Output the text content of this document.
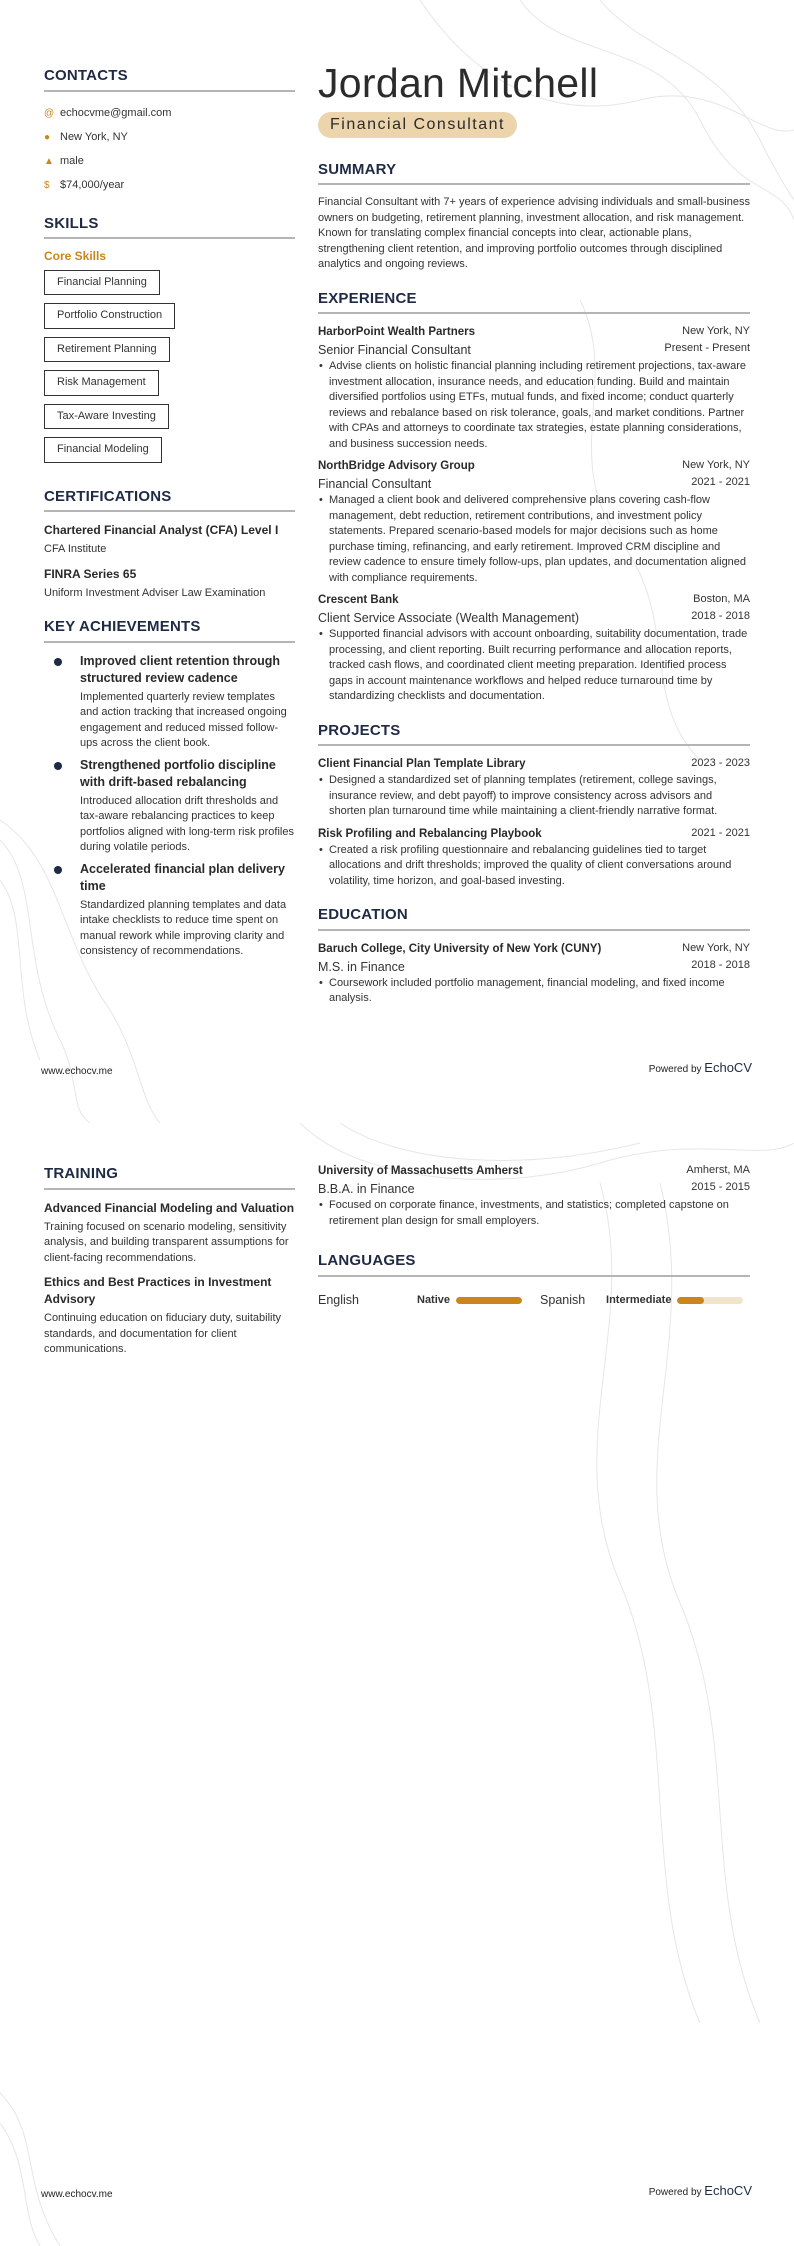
CONTACTS
@ echocvme@gmail.com
● New York, NY
▲ male
$ $74,000/year
SKILLS
Core Skills
Financial Planning
Portfolio Construction
Retirement Planning
Risk Management
Tax-Aware Investing
Financial Modeling
CERTIFICATIONS
Chartered Financial Analyst (CFA) Level I
CFA Institute
FINRA Series 65
Uniform Investment Adviser Law Examination
KEY ACHIEVEMENTS
Improved client retention through structured review cadence
Implemented quarterly review templates and action tracking that increased ongoing engagement and reduced missed follow-ups across the client book.
Strengthened portfolio discipline with drift-based rebalancing
Introduced allocation drift thresholds and tax-aware rebalancing practices to keep portfolios aligned with long-term risk profiles during volatile periods.
Accelerated financial plan delivery time
Standardized planning templates and data intake checklists to reduce time spent on manual rework while improving clarity and consistency of recommendations.
Jordan Mitchell
Financial Consultant
SUMMARY
Financial Consultant with 7+ years of experience advising individuals and small-business owners on budgeting, retirement planning, investment allocation, and risk management. Known for translating complex financial concepts into clear, actionable plans, strengthening client retention, and improving portfolio outcomes through disciplined analytics and ongoing reviews.
EXPERIENCE
HarborPoint Wealth Partners	New York, NY
Senior Financial Consultant	Present - Present
• Advise clients on holistic financial planning including retirement projections, tax-aware investment allocation, insurance needs, and education funding. Build and maintain diversified portfolios using ETFs, mutual funds, and fixed income; conduct quarterly reviews and rebalance based on risk tolerance, goals, and market conditions. Partner with CPAs and attorneys to coordinate tax strategies, estate planning considerations, and business succession needs.
NorthBridge Advisory Group	New York, NY
Financial Consultant	2021 - 2021
• Managed a client book and delivered comprehensive plans covering cash-flow management, debt reduction, retirement contributions, and investment policy statements. Prepared scenario-based models for major decisions such as home purchase timing, refinancing, and early retirement. Improved CRM discipline and review cadence to ensure timely follow-ups, plan updates, and documentation aligned with compliance requirements.
Crescent Bank	Boston, MA
Client Service Associate (Wealth Management)	2018 - 2018
• Supported financial advisors with account onboarding, suitability documentation, trade processing, and client reporting. Built recurring performance and allocation reports, tracked cash flows, and coordinated client meeting preparation. Identified process gaps in account maintenance workflows and helped reduce turnaround time by standardizing checklists and documentation.
PROJECTS
Client Financial Plan Template Library	2023 - 2023
• Designed a standardized set of planning templates (retirement, college savings, insurance review, and debt payoff) to improve consistency across advisors and shorten plan turnaround time while maintaining a client-friendly narrative format.
Risk Profiling and Rebalancing Playbook	2021 - 2021
• Created a risk profiling questionnaire and rebalancing guidelines tied to target allocations and drift thresholds; improved the quality of client conversations around volatility, time horizon, and goal-based investing.
EDUCATION
Baruch College, City University of New York (CUNY)	New York, NY
M.S. in Finance	2018 - 2018
• Coursework included portfolio management, financial modeling, and fixed income analysis.
www.echocv.me	Powered by EchoCV
TRAINING
Advanced Financial Modeling and Valuation
Training focused on scenario modeling, sensitivity analysis, and building transparent assumptions for client-facing recommendations.
Ethics and Best Practices in Investment Advisory
Continuing education on fiduciary duty, suitability standards, and documentation for client communications.
University of Massachusetts Amherst	Amherst, MA
B.B.A. in Finance	2015 - 2015
• Focused on corporate finance, investments, and statistics; completed capstone on retirement plan design for small employers.
LANGUAGES
English	Native	Spanish	Intermediate
www.echocv.me	Powered by EchoCV
